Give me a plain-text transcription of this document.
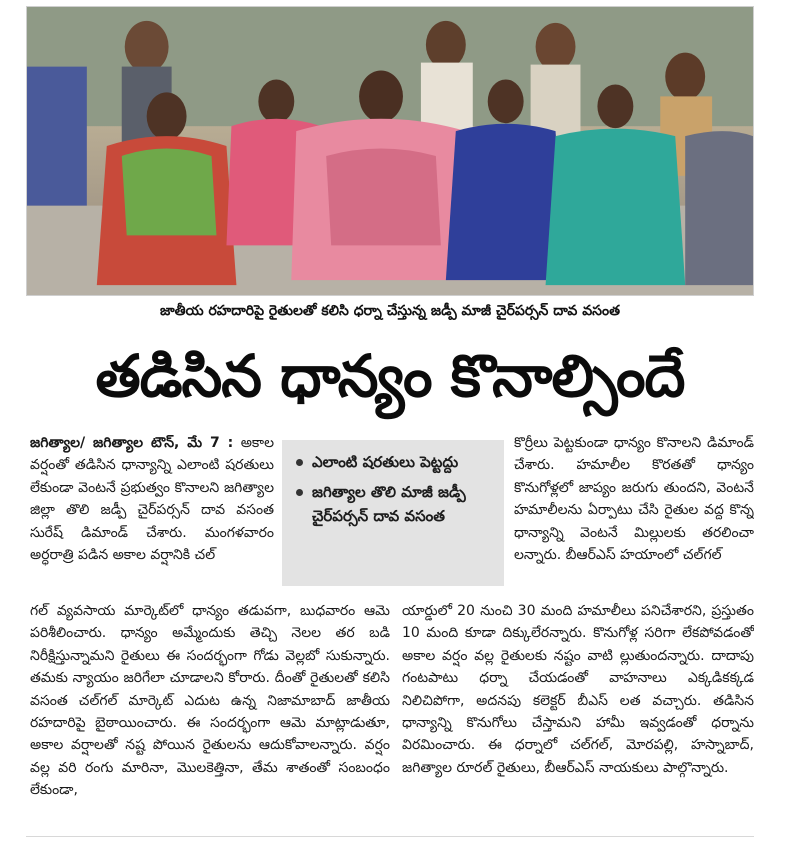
జాతీయ రహదారిపై రైతులతో కలిసి ధర్నా చేస్తున్న జడ్పీ మాజీ చైర్‌పర్సన్ దావ వసంత
తడిసిన ధాన్యం కొనాల్సిందే
జగిత్యాల/ జగిత్యాల టౌన్, మే 7 : అకాల వర్షంతో తడిసిన ధాన్యాన్ని ఎలాంటి షరతులు లేకుండా వెంటనే ప్రభుత్వం కొనాలని జగిత్యాల జిల్లా తొలి జడ్పీ చైర్‌పర్సన్ దావ వసంత సురేష్ డిమాండ్ చేశారు. మంగళవారం అర్ధరాత్రి పడిన అకాల వర్షానికి చల్
ఎలాంటి షరతులు పెట్టద్దు
జగిత్యాల తొలి మాజీ జడ్పీ చైర్‌పర్సన్ దావ వసంత
కొర్రీలు పెట్టకుండా ధాన్యం కొనాలని డిమాండ్ చేశారు. హమాలీల కొరతతో ధాన్యం కొనుగోళ్లలో జాప్యం జరుగు తుందని, వెంటనే హమాలీలను ఏర్పాటు చేసి రైతుల వద్ద కొన్న ధాన్యాన్ని వెంటనే మిల్లులకు తరలించా లన్నారు. బీఆర్‌ఎస్ హయాంలో చల్‌గల్
గల్ వ్యవసాయ మార్కెట్‌లో ధాన్యం తడువగా, బుధవారం ఆమె పరిశీలించారు. ధాన్యం అమ్మేందుకు తెచ్చి నెలల తర బడి నిరీక్షిస్తున్నామని రైతులు ఈ సందర్భంగా గోడు వెల్లబో సుకున్నారు. తమకు న్యాయం జరిగేలా చూడాలని కోరారు. దీంతో రైతులతో కలిసి వసంత చల్‌గల్ మార్కెట్ ఎదుట ఉన్న నిజామాబాద్ జాతీయ రహదారిపై బైఠాయించారు. ఈ సందర్భంగా ఆమె మాట్లాడుతూ, అకాల వర్షాలతో నష్ట పోయిన రైతులను ఆదుకోవాలన్నారు. వర్షం వల్ల వరి రంగు మారినా, మొలకెత్తినా, తేమ శాతంతో సంబంధం లేకుండా,
యార్డులో 20 నుంచి 30 మంది హమాలీలు పనిచేశారని, ప్రస్తుతం 10 మంది కూడా దిక్కులేరన్నారు. కొనుగోళ్ల సరిగా లేకపోవడంతో అకాల వర్షం వల్ల రైతులకు నష్టం వాటి ల్లుతుందన్నారు. దాదాపు గంటపాటు ధర్నా చేయడంతో వాహనాలు ఎక్కడికక్కడ నిలిచిపోగా, అదనపు కలెక్టర్ బీఎస్ లత వచ్చారు. తడిసిన ధాన్యాన్ని కొనుగోలు చేస్తామని హామీ ఇవ్వడంతో ధర్నాను విరమించారు. ఈ ధర్నాలో చల్‌గల్, మోరపల్లి, హస్నాబాద్, జగిత్యాల రూరల్ రైతులు, బీఆర్‌ఎస్ నాయకులు పాల్గొన్నారు.
